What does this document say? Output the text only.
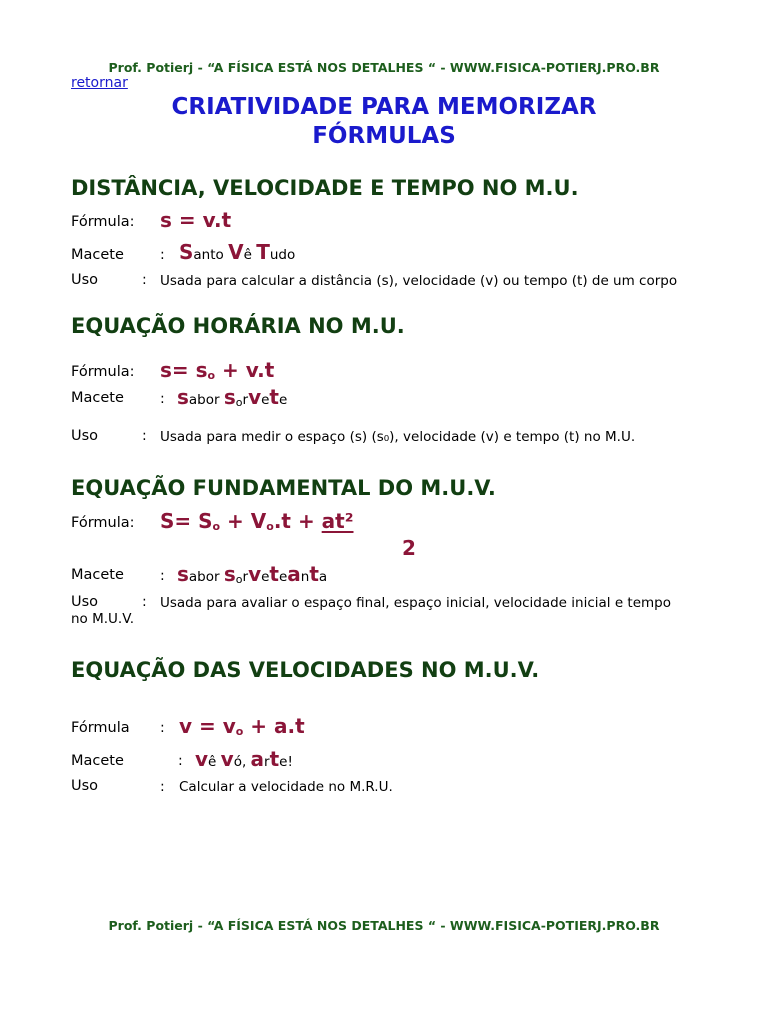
Prof. Potierj - “A FÍSICA ESTÁ NOS DETALHES “ - WWW.FISICA-POTIERJ.PRO.BR
retornar
CRIATIVIDADE PARA MEMORIZAR
FÓRMULAS
DISTÂNCIA, VELOCIDADE E TEMPO NO M.U.
Fórmula: s = v.t
Macete	: Santo Vê Tudo
Uso	: Usada para calcular a distância (s), velocidade (v) ou tempo (t) de um corpo
EQUAÇÃO HORÁRIA NO M.U.
Fórmula: $s= s_o + v.t$
Macete	: sabor sorvete
Uso	: Usada para medir o espaço (s) (s₀), velocidade (v) e tempo (t) no M.U.
EQUAÇÃO FUNDAMENTAL DO M.U.V.
Fórmula: $S= S_o + V_o.t + at^2$
2
Macete	: sabor sorveteanta
Uso	: Usada para avaliar o espaço final, espaço inicial, velocidade inicial e tempo
no M.U.V.
EQUAÇÃO DAS VELOCIDADES NO M.U.V.
Fórmula : $v = v_o + a.t$
Macete	: vê vó, arte!
Uso	: Calcular a velocidade no M.R.U.
Prof. Potierj - “A FÍSICA ESTÁ NOS DETALHES “ - WWW.FISICA-POTIERJ.PRO.BR
